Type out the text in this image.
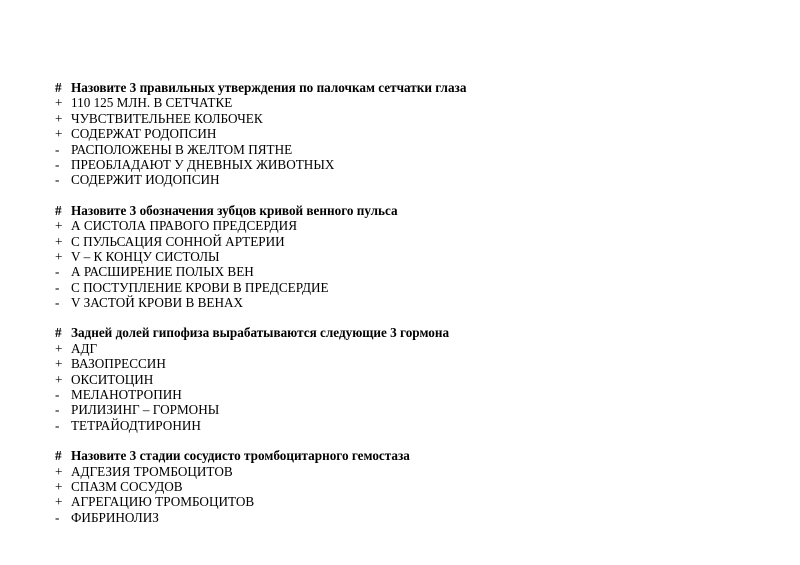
# Назовите 3 правильных утверждения по палочкам сетчатки глаза
+ 110 125 МЛН. В СЕТЧАТКЕ
+ ЧУВСТВИТЕЛЬНЕЕ КОЛБОЧЕК
+ СОДЕРЖАТ РОДОПСИН
- РАСПОЛОЖЕНЫ В ЖЕЛТОМ ПЯТНЕ
- ПРЕОБЛАДАЮТ У ДНЕВНЫХ ЖИВОТНЫХ
- СОДЕРЖИТ ИОДОПСИН
# Назовите 3 обозначения зубцов кривой венного пульса
+ А СИСТОЛА ПРАВОГО ПРЕДСЕРДИЯ
+ С ПУЛЬСАЦИЯ СОННОЙ АРТЕРИИ
+ V – К КОНЦУ СИСТОЛЫ
- А РАСШИРЕНИЕ ПОЛЫХ ВЕН
- С ПОСТУПЛЕНИЕ КРОВИ В ПРЕДСЕРДИЕ
- V ЗАСТОЙ КРОВИ В ВЕНАХ
# Задней долей гипофиза вырабатываются следующие 3 гормона
+ АДГ
+ ВАЗОПРЕССИН
+ ОКСИТОЦИН
- МЕЛАНОТРОПИН
- РИЛИЗИНГ – ГОРМОНЫ
- ТЕТРАЙОДТИРОНИН
# Назовите 3 стадии сосудисто тромбоцитарного гемостаза
+ АДГЕЗИЯ ТРОМБОЦИТОВ
+ СПАЗМ СОСУДОВ
+ АГРЕГАЦИЮ ТРОМБОЦИТОВ
- ФИБРИНОЛИЗ
